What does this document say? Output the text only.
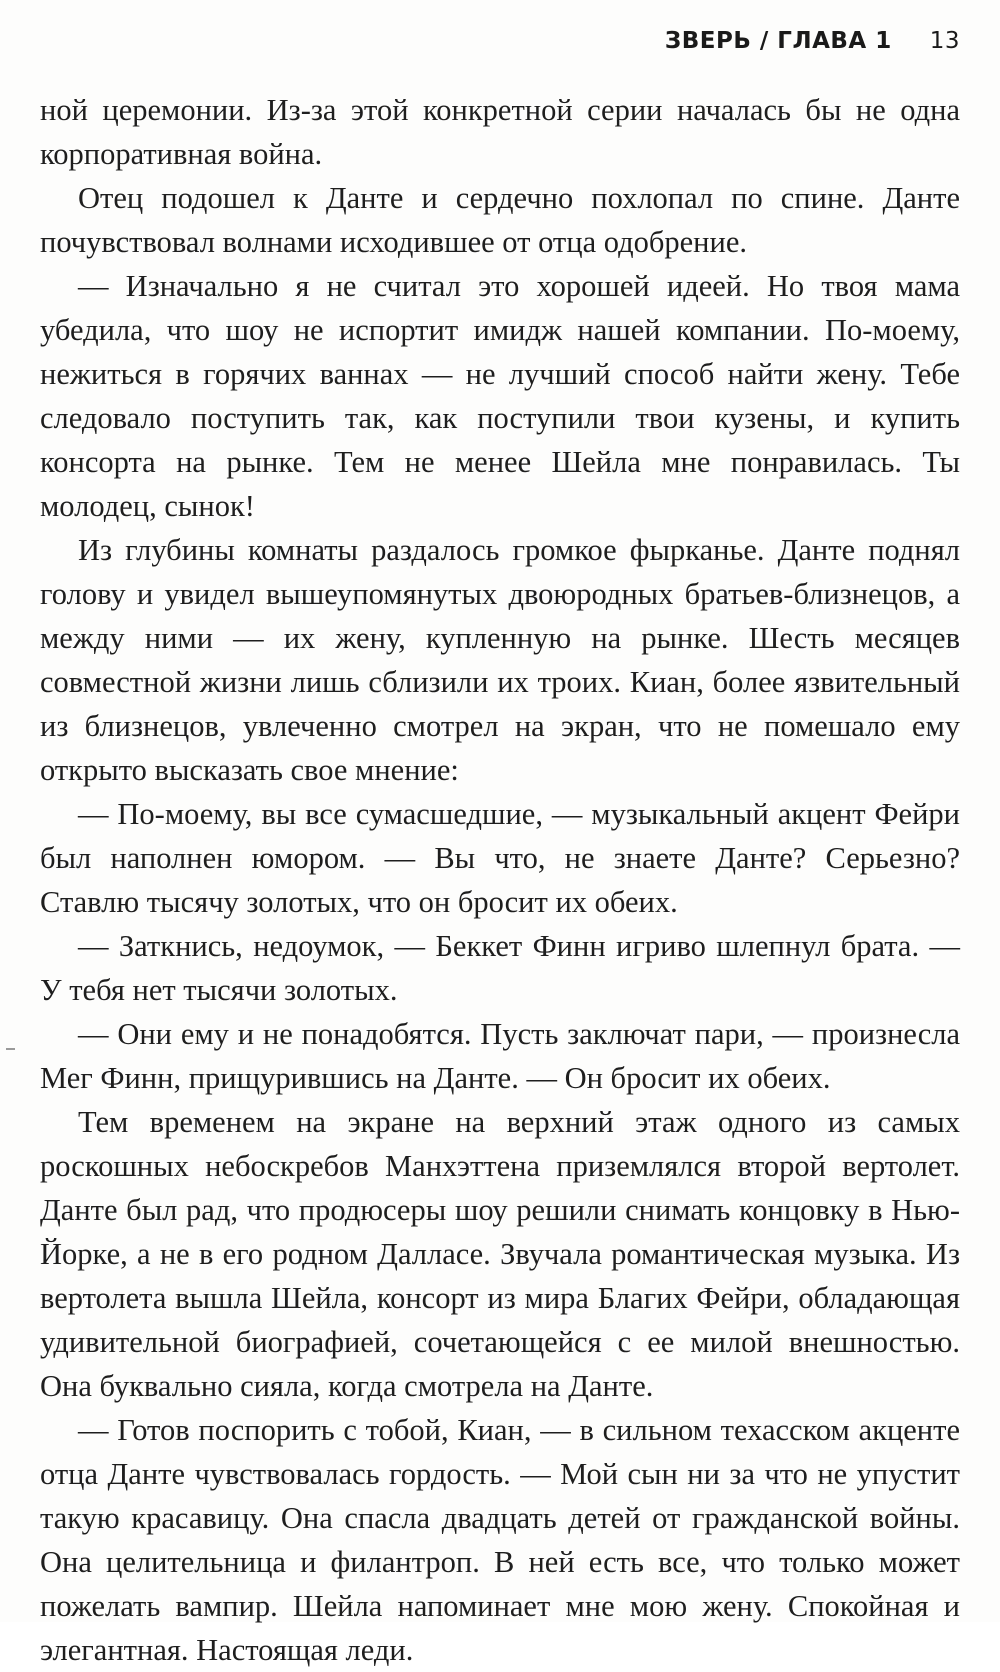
ЗВЕРЬ / ГЛАВА 1 13

ной церемонии. Из-за этой конкретной серии началась бы не одна корпоративная война.

Отец подошел к Данте и сердечно похлопал по спине. Данте почувствовал волнами исходившее от отца одобрение.

— Изначально я не считал это хорошей идеей. Но твоя мама убедила, что шоу не испортит имидж нашей компании. По-моему, нежиться в горячих ваннах — не лучший способ найти жену. Тебе следовало поступить так, как поступили твои кузены, и купить консорта на рынке. Тем не менее Шейла мне понравилась. Ты молодец, сынок!

Из глубины комнаты раздалось громкое фырканье. Данте поднял голову и увидел вышеупомянутых двоюродных братьев-близнецов, а между ними — их жену, купленную на рынке. Шесть месяцев совместной жизни лишь сблизили их троих. Киан, более язвительный из близнецов, увлеченно смотрел на экран, что не помешало ему открыто высказать свое мнение:

— По-моему, вы все сумасшедшие, — музыкальный акцент Фейри был наполнен юмором. — Вы что, не знаете Данте? Серьезно? Ставлю тысячу золотых, что он бросит их обеих.

— Заткнись, недоумок, — Беккет Финн игриво шлепнул брата. — У тебя нет тысячи золотых.

— Они ему и не понадобятся. Пусть заключат пари, — произнесла Мег Финн, прищурившись на Данте. — Он бросит их обеих.

Тем временем на экране на верхний этаж одного из самых роскошных небоскребов Манхэттена приземлялся второй вертолет. Данте был рад, что продюсеры шоу решили снимать концовку в Нью-Йорке, а не в его родном Далласе. Звучала романтическая музыка. Из вертолета вышла Шейла, консорт из мира Благих Фейри, обладающая удивительной биографией, сочетающейся с ее милой внешностью. Она буквально сияла, когда смотрела на Данте.

— Готов поспорить с тобой, Киан, — в сильном техасском акценте отца Данте чувствовалась гордость. — Мой сын ни за что не упустит такую красавицу. Она спасла двадцать детей от гражданской войны. Она целительница и филантроп. В ней есть все, что только может пожелать вампир. Шейла напоминает мне мою жену. Спокойная и элегантная. Настоящая леди.
